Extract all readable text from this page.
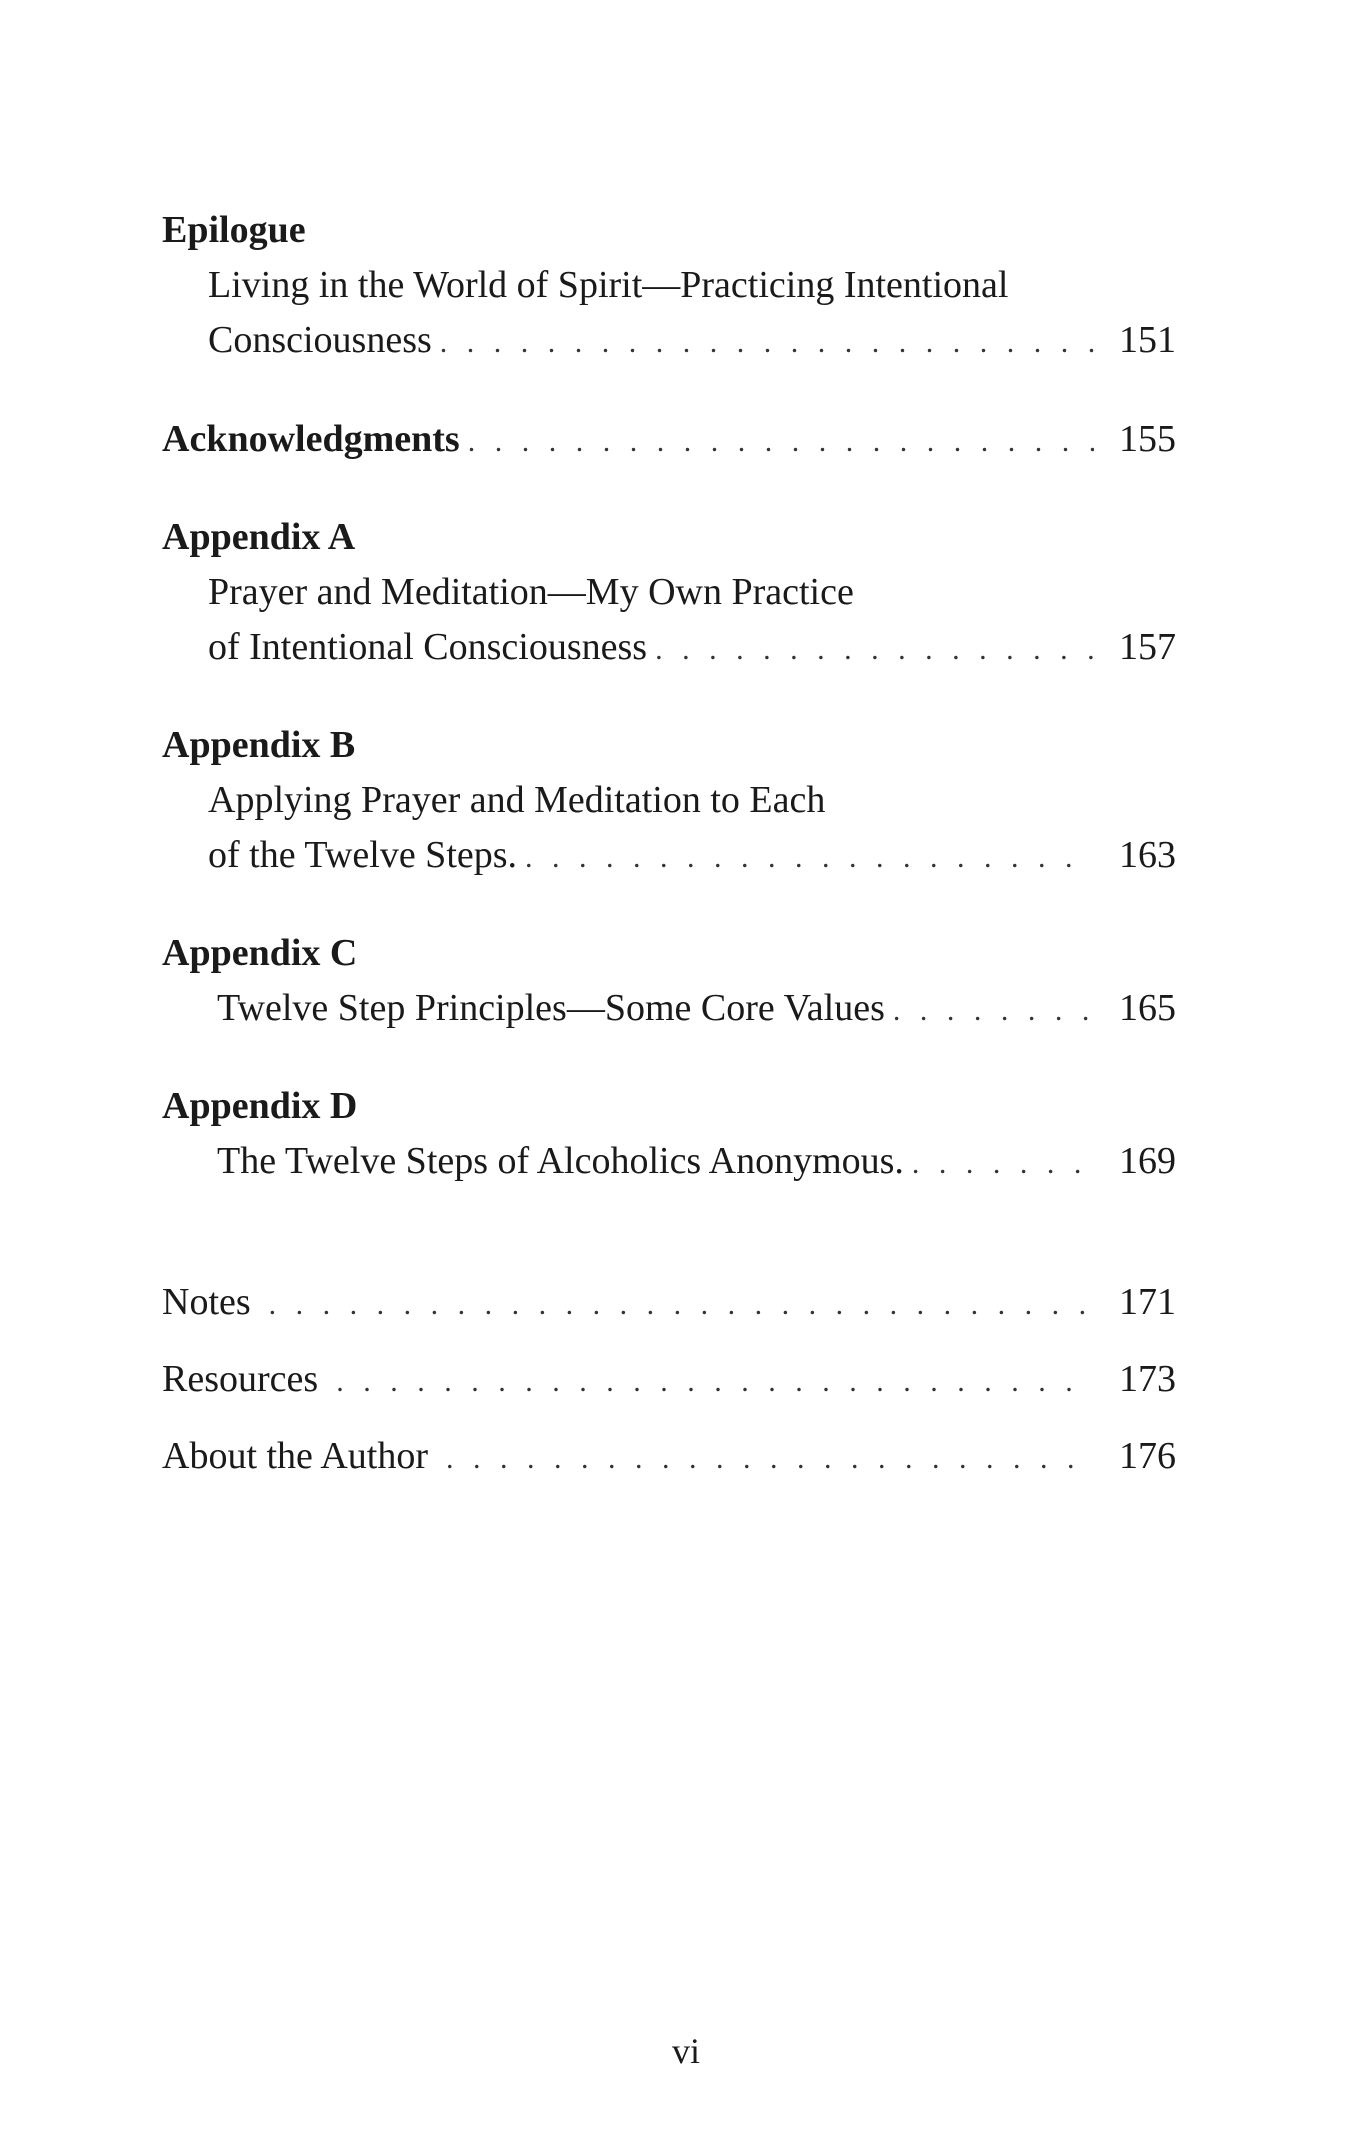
Epilogue
Living in the World of Spirit—Practicing Intentional
Consciousness . . .	151
Acknowledgments . . .	155
Appendix A
Prayer and Meditation—My Own Practice
of Intentional Consciousness . . .	157
Appendix B
Applying Prayer and Meditation to Each
of the Twelve Steps. . . .	163
Appendix C
Twelve Step Principles—Some Core Values . . .	165
Appendix D
The Twelve Steps of Alcoholics Anonymous. . . .	169
Notes . . .	171
Resources . . .	173
About the Author . . .	176
vi
